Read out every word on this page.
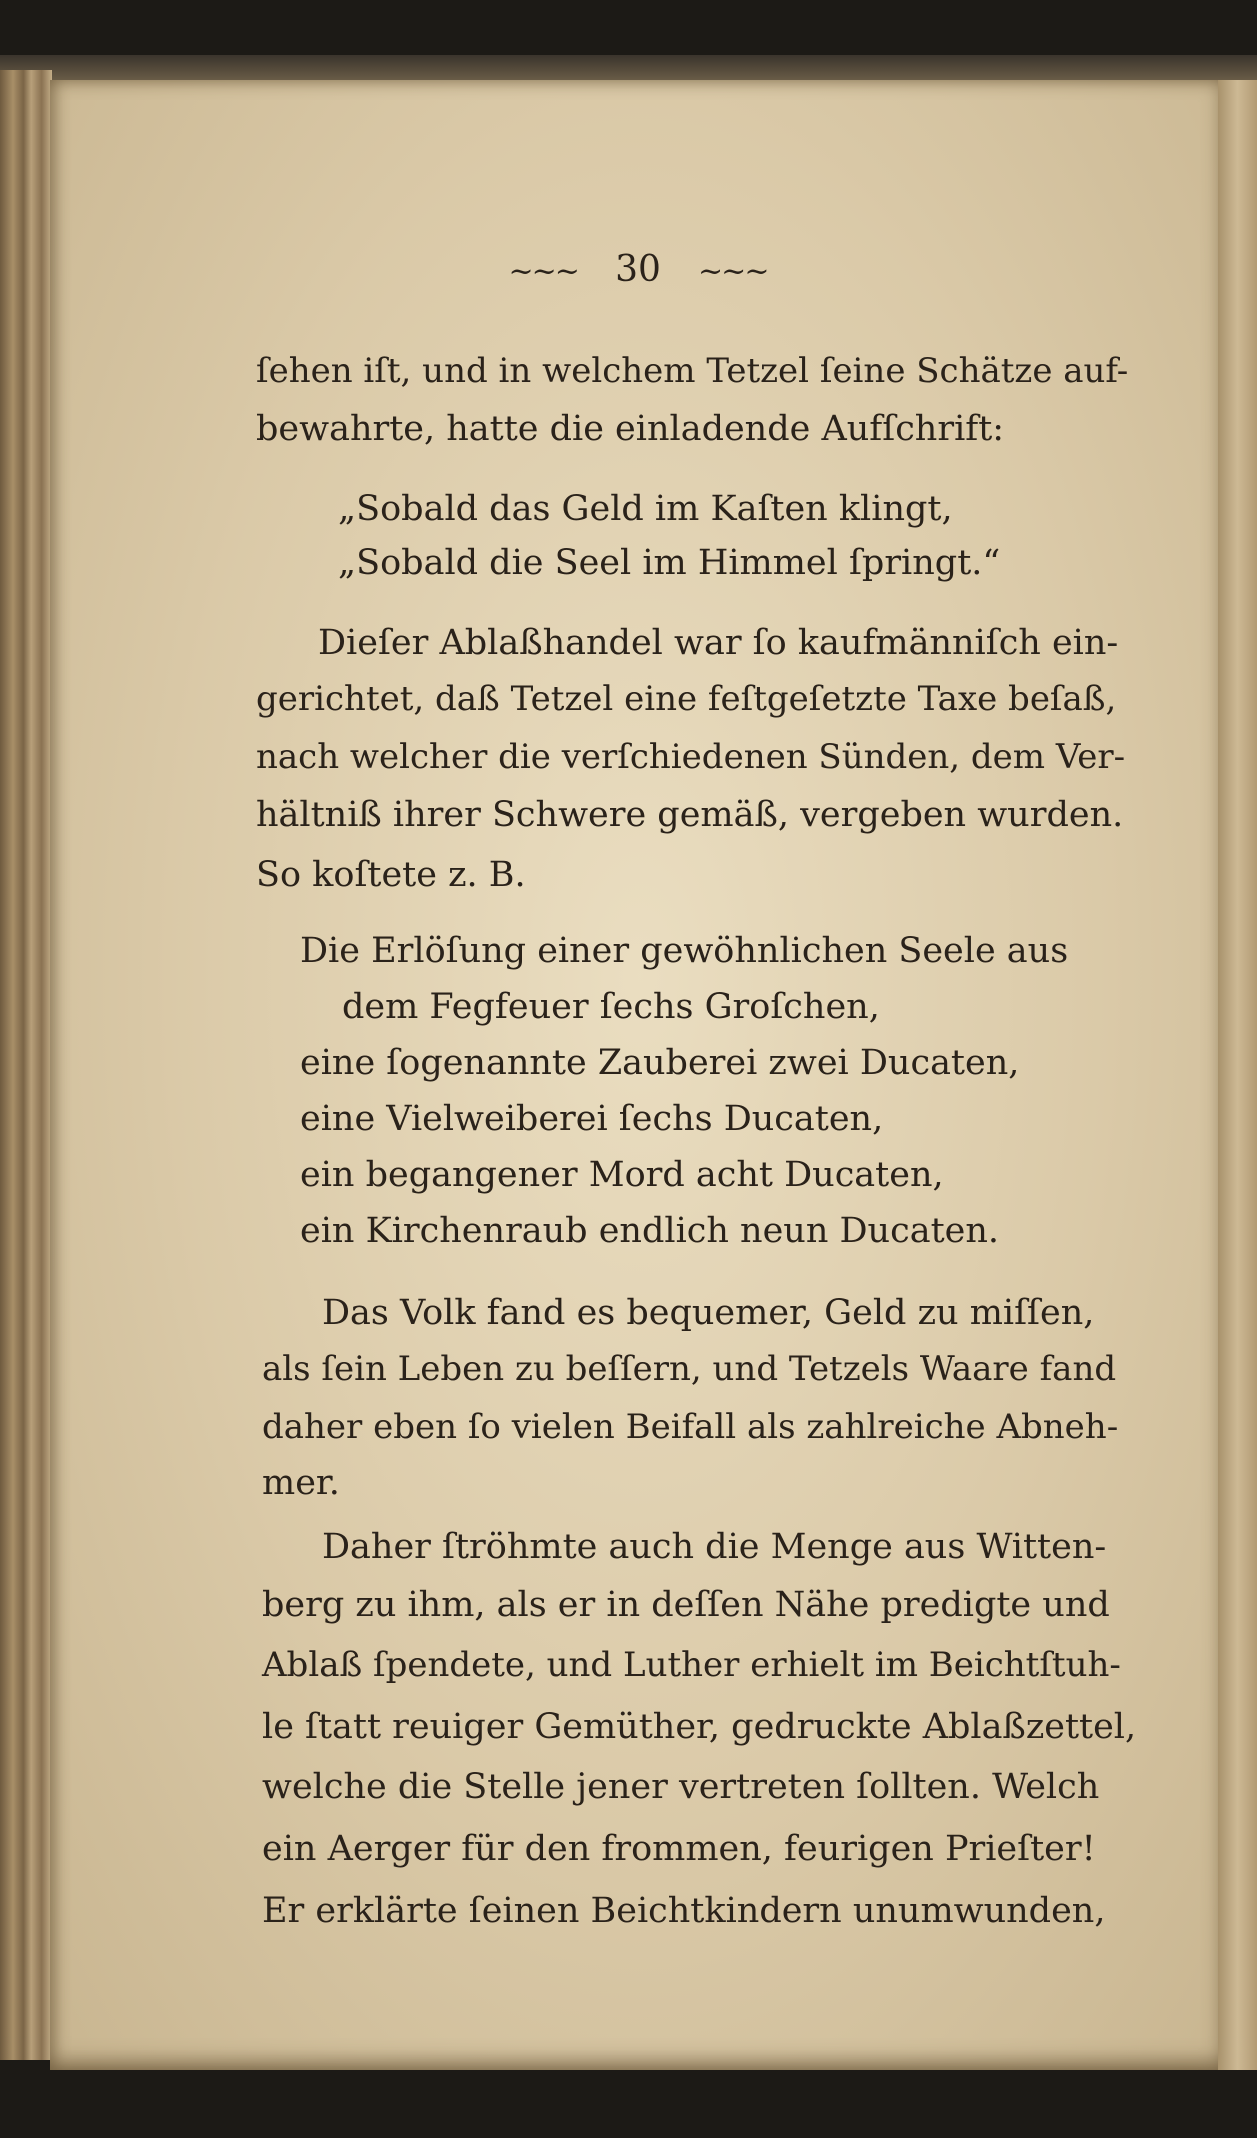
~~~ 30 ~~~
ſehen iſt, und in welchem Tetzel ſeine Schätze auf-
bewahrte, hatte die einladende Aufſchrift:
„Sobald das Geld im Kaſten klingt,
„Sobald die Seel im Himmel ſpringt.“
Dieſer Ablaßhandel war ſo kaufmänniſch ein-
gerichtet, daß Tetzel eine feſtgeſetzte Taxe beſaß,
nach welcher die verſchiedenen Sünden, dem Ver-
hältniß ihrer Schwere gemäß, vergeben wurden.
So koſtete z. B.
Die Erlöſung einer gewöhnlichen Seele aus
dem Fegfeuer ſechs Groſchen,
eine ſogenannte Zauberei zwei Ducaten,
eine Vielweiberei ſechs Ducaten,
ein begangener Mord acht Ducaten,
ein Kirchenraub endlich neun Ducaten.
Das Volk fand es bequemer, Geld zu miſſen,
als ſein Leben zu beſſern, und Tetzels Waare fand
daher eben ſo vielen Beifall als zahlreiche Abneh-
mer.
Daher ſtröhmte auch die Menge aus Witten-
berg zu ihm, als er in deſſen Nähe predigte und
Ablaß ſpendete, und Luther erhielt im Beichtſtuh-
le ſtatt reuiger Gemüther, gedruckte Ablaßzettel,
welche die Stelle jener vertreten ſollten. Welch
ein Aerger für den frommen, feurigen Prieſter!
Er erklärte ſeinen Beichtkindern unumwunden,
